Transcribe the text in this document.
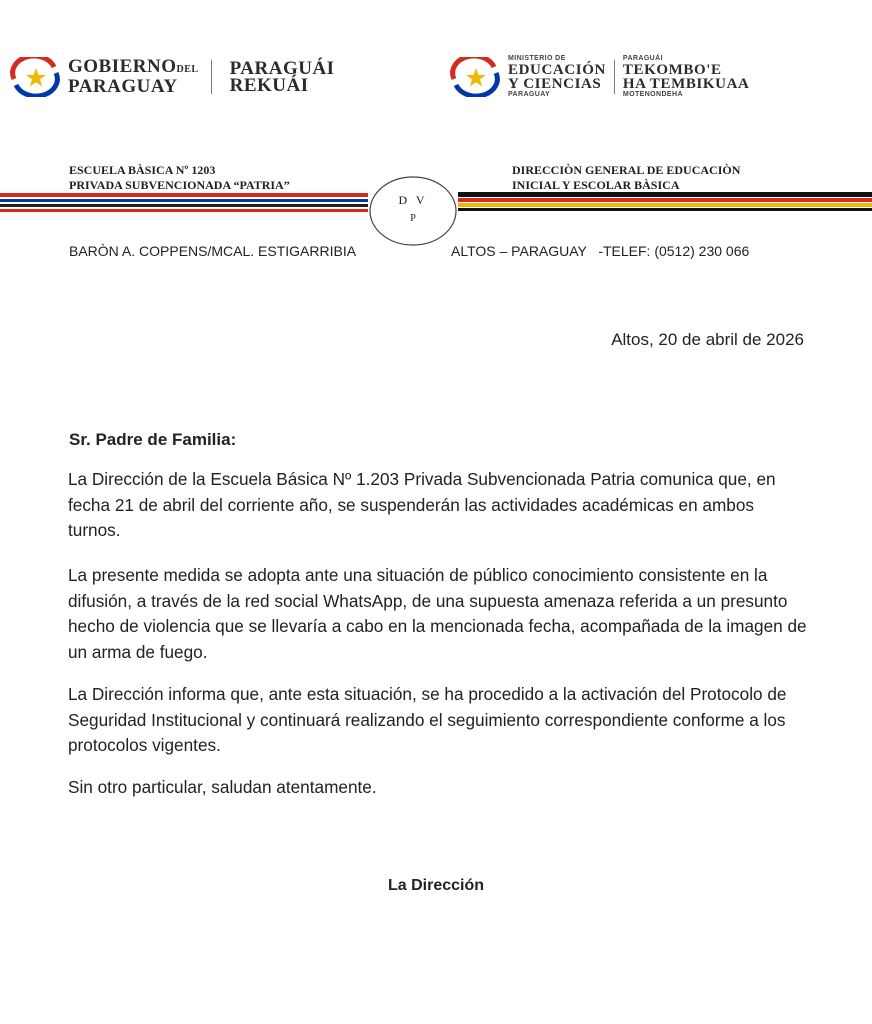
GOBIERNODEL
PARAGUAY
PARAGUÁI
REKUÁI
MINISTERIO DE
EDUCACIÓN
Y CIENCIAS
PARAGUAY
PARAGUÁI
TEKOMBO'E
HA TEMBIKUAA
MOTENONDEHA
ESCUELA BÀSICA Nº 1203
PRIVADA SUBVENCIONADA “PATRIA”
DIRECCIÒN GENERAL DE EDUCACIÒN
INICIAL Y ESCOLAR BÀSICA
D V
P
BARÒN A. COPPENS/MCAL. ESTIGARRIBIA	ALTOS – PARAGUAY   -TELEF: (0512) 230 066
Altos, 20 de abril de 2026
Sr. Padre de Familia:
La Dirección de la Escuela Básica Nº 1.203 Privada Subvencionada Patria comunica que, en fecha 21 de abril del corriente año, se suspenderán las actividades académicas en ambos turnos.
La presente medida se adopta ante una situación de público conocimiento consistente en la difusión, a través de la red social WhatsApp, de una supuesta amenaza referida a un presunto hecho de violencia que se llevaría a cabo en la mencionada fecha, acompañada de la imagen de un arma de fuego.
La Dirección informa que, ante esta situación, se ha procedido a la activación del Protocolo de Seguridad Institucional y continuará realizando el seguimiento correspondiente conforme a los protocolos vigentes.
Sin otro particular, saludan atentamente.
La Dirección
